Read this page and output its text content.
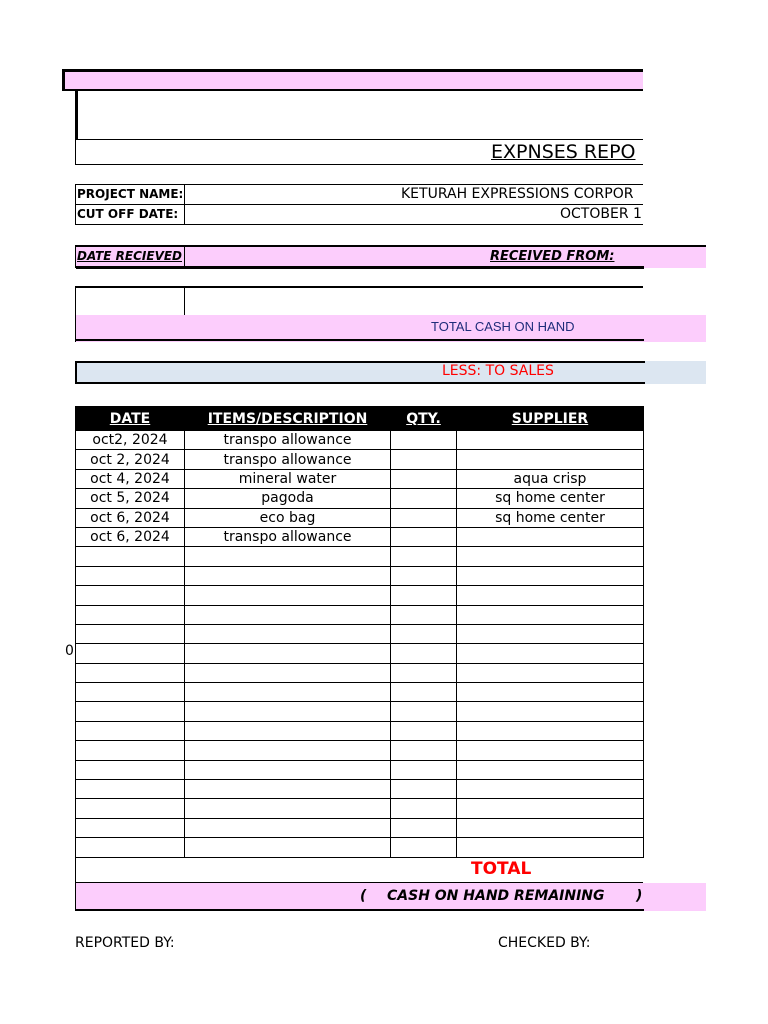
EXPNSES REPO
PROJECT NAME:	KETURAH EXPRESSIONS CORPOR
CUT OFF DATE:	OCTOBER 1
DATE RECIEVED	RECEIVED FROM:
TOTAL CASH ON HAND
LESS: TO SALES
0
DATE	ITEMS/DESCRIPTION	QTY.	SUPPLIER
oct2, 2024	transpo allowance		
oct 2, 2024	transpo allowance		
oct 4, 2024	mineral water		aqua crisp
oct 5, 2024	pagoda		sq home center
oct 6, 2024	eco bag		sq home center
oct 6, 2024	transpo allowance		

TOTAL
( CASH ON HAND REMAINING )
REPORTED BY:	CHECKED BY:
